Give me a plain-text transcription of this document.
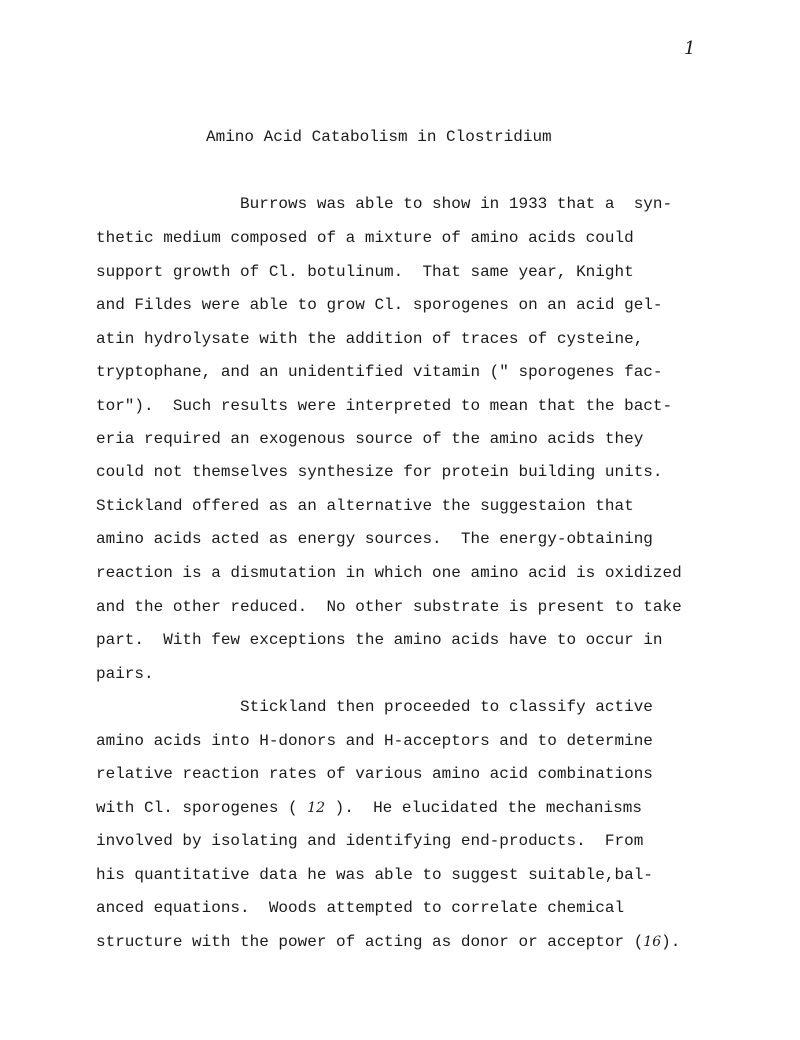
1
Amino Acid Catabolism in Clostridium
Burrows was able to show in 1933 that a  syn-
thetic medium composed of a mixture of amino acids could
support growth of Cl. botulinum.  That same year, Knight
and Fildes were able to grow Cl. sporogenes on an acid gel-
atin hydrolysate with the addition of traces of cysteine,
tryptophane, and an unidentified vitamin (" sporogenes fac-
tor").  Such results were interpreted to mean that the bact-
eria required an exogenous source of the amino acids they
could not themselves synthesize for protein building units.
Stickland offered as an alternative the suggestaion that
amino acids acted as energy sources.  The energy-obtaining
reaction is a dismutation in which one amino acid is oxidized
and the other reduced.  No other substrate is present to take
part.  With few exceptions the amino acids have to occur in
pairs.
Stickland then proceeded to classify active
amino acids into H-donors and H-acceptors and to determine
relative reaction rates of various amino acid combinations
with Cl. sporogenes ( 12 ).  He elucidated the mechanisms
involved by isolating and identifying end-products.  From
his quantitative data he was able to suggest suitable,bal-
anced equations.  Woods attempted to correlate chemical
structure with the power of acting as donor or acceptor (16).
